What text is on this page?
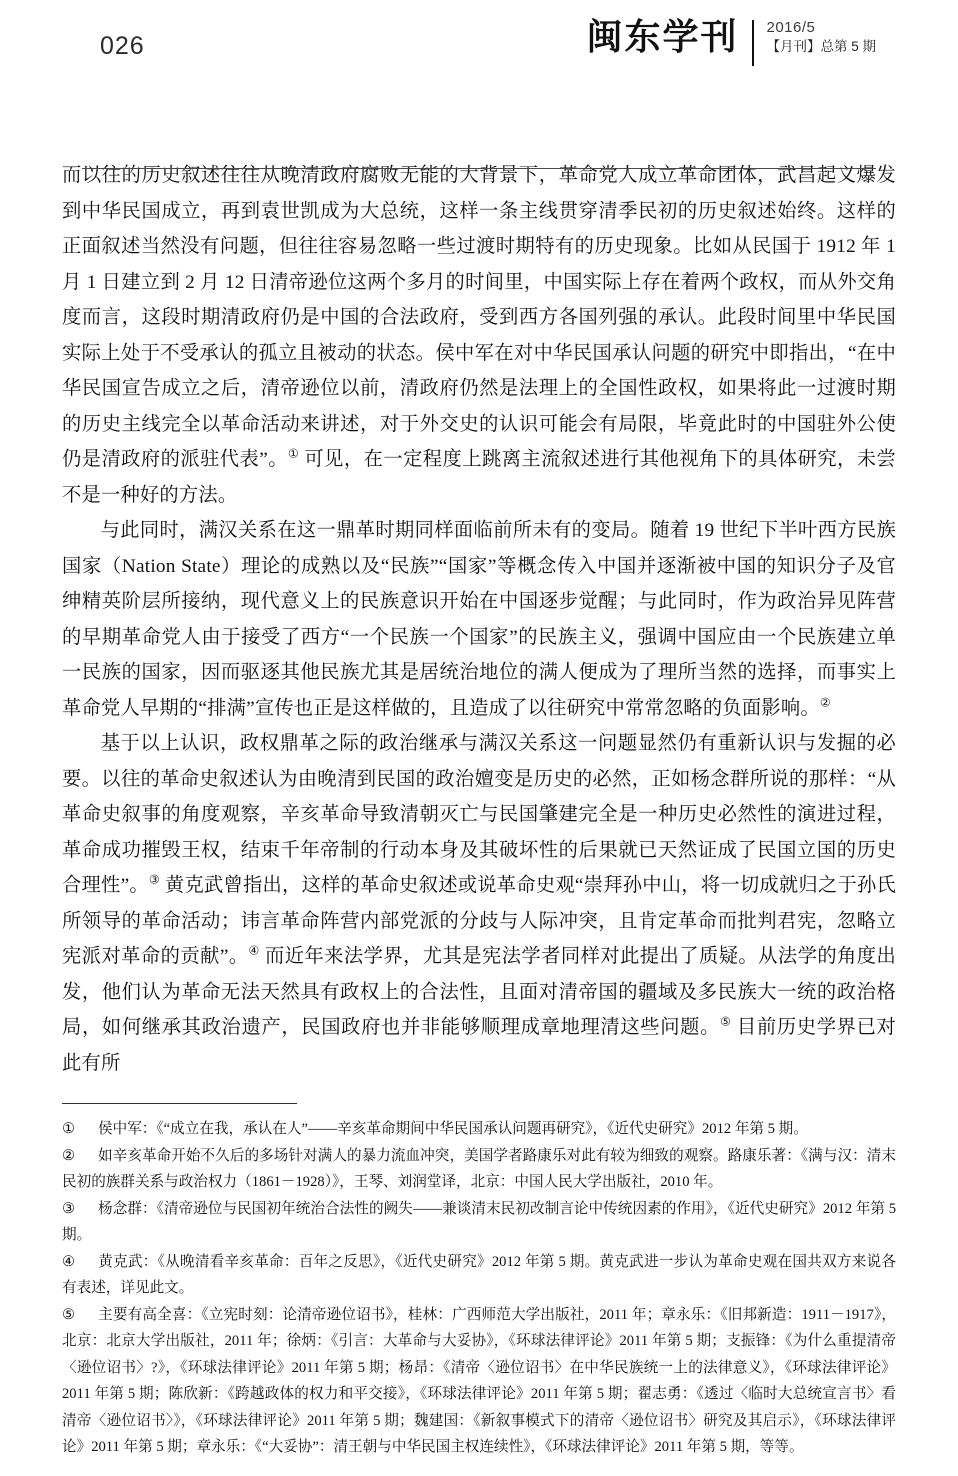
026	闽东学刊	2016/5
【月刊】总第 5 期

而以往的历史叙述往往从晚清政府腐败无能的大背景下，革命党人成立革命团体，武昌起义爆发到中华民国成立，再到袁世凯成为大总统，这样一条主线贯穿清季民初的历史叙述始终。这样的正面叙述当然没有问题，但往往容易忽略一些过渡时期特有的历史现象。比如从民国于 1912 年 1 月 1 日建立到 2 月 12 日清帝逊位这两个多月的时间里，中国实际上存在着两个政权，而从外交角度而言，这段时期清政府仍是中国的合法政府，受到西方各国列强的承认。此段时间里中华民国实际上处于不受承认的孤立且被动的状态。侯中军在对中华民国承认问题的研究中即指出，“在中华民国宣告成立之后，清帝逊位以前，清政府仍然是法理上的全国性政权，如果将此一过渡时期的历史主线完全以革命活动来讲述，对于外交史的认识可能会有局限，毕竟此时的中国驻外公使仍是清政府的派驻代表”。① 可见，在一定程度上跳离主流叙述进行其他视角下的具体研究，未尝不是一种好的方法。

与此同时，满汉关系在这一鼎革时期同样面临前所未有的变局。随着 19 世纪下半叶西方民族国家（Nation State）理论的成熟以及“民族”“国家”等概念传入中国并逐渐被中国的知识分子及官绅精英阶层所接纳，现代意义上的民族意识开始在中国逐步觉醒；与此同时，作为政治异见阵营的早期革命党人由于接受了西方“一个民族一个国家”的民族主义，强调中国应由一个民族建立单一民族的国家，因而驱逐其他民族尤其是居统治地位的满人便成为了理所当然的选择，而事实上革命党人早期的“排满”宣传也正是这样做的，且造成了以往研究中常常忽略的负面影响。②

基于以上认识，政权鼎革之际的政治继承与满汉关系这一问题显然仍有重新认识与发掘的必要。以往的革命史叙述认为由晚清到民国的政治嬗变是历史的必然，正如杨念群所说的那样：“从革命史叙事的角度观察，辛亥革命导致清朝灭亡与民国肇建完全是一种历史必然性的演进过程，革命成功摧毁王权，结束千年帝制的行动本身及其破坏性的后果就已天然证成了民国立国的历史合理性”。③ 黄克武曾指出，这样的革命史叙述或说革命史观“崇拜孙中山，将一切成就归之于孙氏所领导的革命活动；讳言革命阵营内部党派的分歧与人际冲突，且肯定革命而批判君宪，忽略立宪派对革命的贡献”。④ 而近年来法学界，尤其是宪法学者同样对此提出了质疑。从法学的角度出发，他们认为革命无法天然具有政权上的合法性，且面对清帝国的疆域及多民族大一统的政治格局，如何继承其政治遗产，民国政府也并非能够顺理成章地理清这些问题。⑤ 目前历史学界已对此有所

① 侯中军：《“成立在我，承认在人”——辛亥革命期间中华民国承认问题再研究》，《近代史研究》2012 年第 5 期。

② 如辛亥革命开始不久后的多场针对满人的暴力流血冲突，美国学者路康乐对此有较为细致的观察。路康乐著：《满与汉：清末民初的族群关系与政治权力（1861－1928）》，王琴、刘润堂译，北京：中国人民大学出版社，2010 年。

③ 杨念群：《清帝逊位与民国初年统治合法性的阙失——兼谈清末民初改制言论中传统因素的作用》，《近代史研究》2012 年第 5 期。

④ 黄克武：《从晚清看辛亥革命：百年之反思》，《近代史研究》2012 年第 5 期。黄克武进一步认为革命史观在国共双方来说各有表述，详见此文。

⑤ 主要有高全喜：《立宪时刻：论清帝逊位诏书》，桂林：广西师范大学出版社，2011 年；章永乐：《旧邦新造：1911－1917》，北京：北京大学出版社，2011 年；徐炳：《引言：大革命与大妥协》，《环球法律评论》2011 年第 5 期；支振锋：《为什么重提清帝〈逊位诏书〉?》，《环球法律评论》2011 年第 5 期；杨昂：《清帝〈逊位诏书〉在中华民族统一上的法律意义》，《环球法律评论》2011 年第 5 期；陈欣新：《跨越政体的权力和平交接》，《环球法律评论》2011 年第 5 期；翟志勇：《透过〈临时大总统宣言书〉看清帝〈逊位诏书〉》，《环球法律评论》2011 年第 5 期；魏建国：《新叙事模式下的清帝〈逊位诏书〉研究及其启示》，《环球法律评论》2011 年第 5 期；章永乐：《“大妥协”：清王朝与中华民国主权连续性》，《环球法律评论》2011 年第 5 期，等等。
